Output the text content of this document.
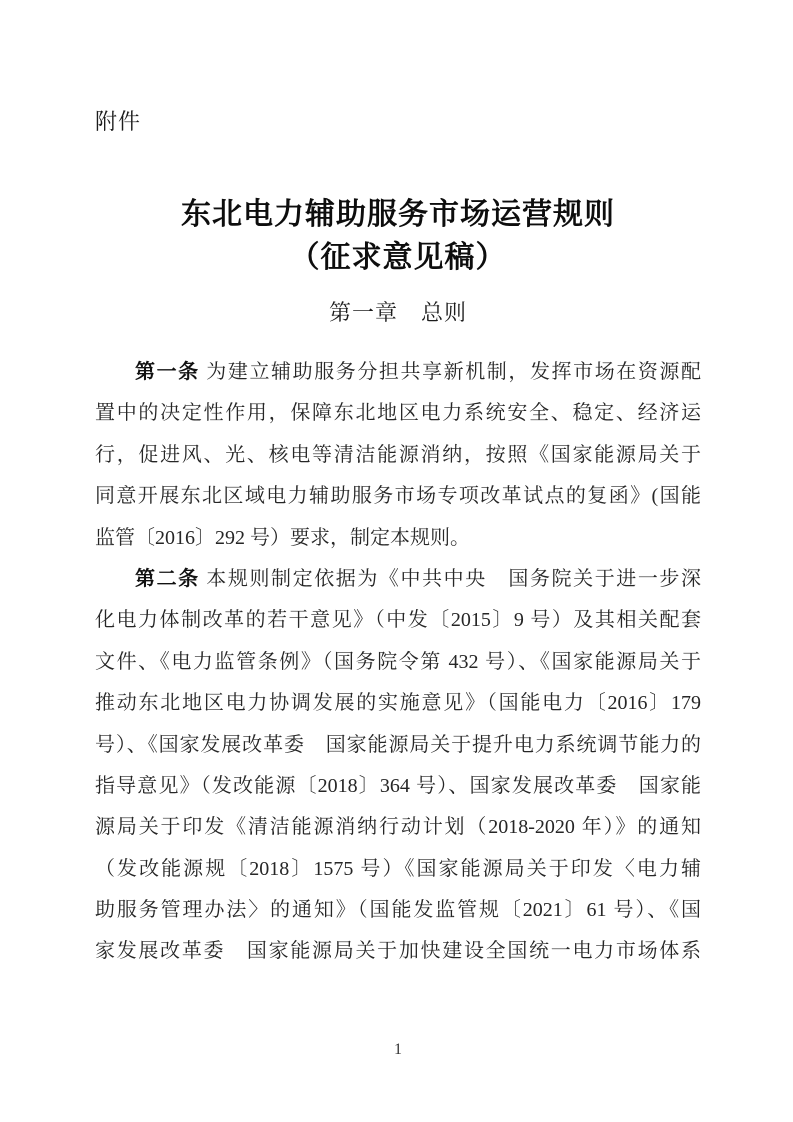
附件
东北电力辅助服务市场运营规则
（征求意见稿）
第一章　总则
第一条 为建立辅助服务分担共享新机制，发挥市场在资源配
置中的决定性作用，保障东北地区电力系统安全、稳定、经济运
行，促进风、光、核电等清洁能源消纳，按照《国家能源局关于
同意开展东北区域电力辅助服务市场专项改革试点的复函》(国能
监管〔2016〕292 号）要求，制定本规则。
第二条 本规则制定依据为《中共中央　国务院关于进一步深
化电力体制改革的若干意见》（中发〔2015〕9 号）及其相关配套
文件、《电力监管条例》（国务院令第 432 号）、《国家能源局关于
推动东北地区电力协调发展的实施意见》（国能电力〔2016〕179
号）、《国家发展改革委　国家能源局关于提升电力系统调节能力的
指导意见》（发改能源〔2018〕364 号）、国家发展改革委　国家能
源局关于印发《清洁能源消纳行动计划（2018-2020 年）》的通知
（发改能源规〔2018〕1575 号）《国家能源局关于印发〈电力辅
助服务管理办法〉的通知》（国能发监管规〔2021〕61 号）、《国
家发展改革委　国家能源局关于加快建设全国统一电力市场体系
1
